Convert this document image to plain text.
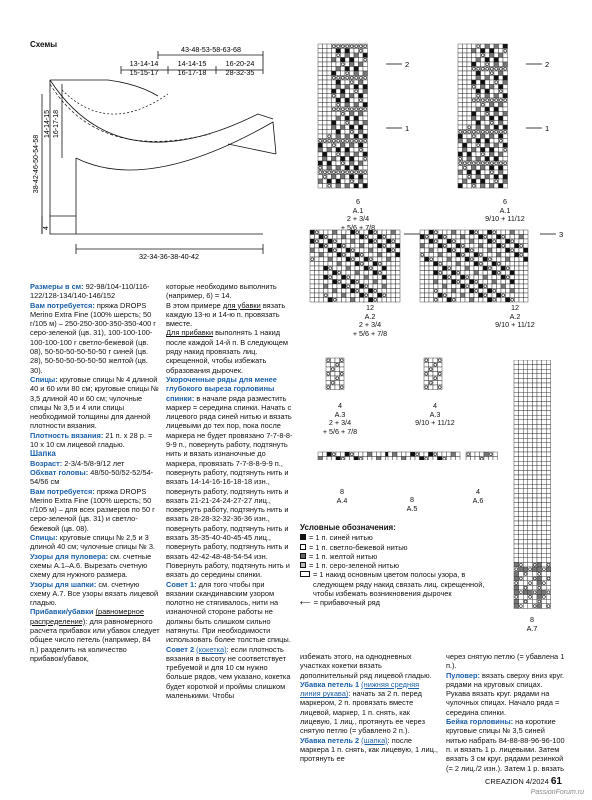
Схемы
43-48-53-58-63-68
13-14-14
15-15-17
14-14-15
16-17-18
16-20-24
28-32-35
14-14-15 16-17-18
38-42-46-50-54-58
4
32-34-36-38-40-42
2
1
2
1
3
6
A.1
2 + 3/4
+ 5/6 + 7/8
6
A.1
9/10 + 11/12
12
A.2
2 + 3/4
+ 5/6 + 7/8
12
A.2
9/10 + 11/12
4
A.3
2 + 3/4
+ 5/6 + 7/8
4
A.3
9/10 + 11/12
8
A.4	8
A.5
4
A.6
8
A.7
Условные обозначения:
= 1 п. синей нитью
= 1 п. светло-бежевой нитью
= 1 п. желтой нитью
= 1 п. серо-зеленой нитью
= 1 накид основным цветом полосы узора, в следующем ряду накид связать лиц. скрещенной, чтобы избежать возникновения дырочек
⟵ = прибавочный ряд

Размеры в см: 92-98/104-110/116-122/128-134/140-146/152

Вам потребуется: пряжа DROPS Merino Extra Fine (100% шерсть; 50 г/105 м) – 250-250-300-350-350-400 г серо-зеленой (цв. 31), 100-100-100-100-100-100 г светло-бежевой (цв. 08), 50-50-50-50-50-50 г синей (цв. 28), 50-50-50-50-50-50 желтой (цв. 30).

Спицы: круговые спицы № 4 длиной 40 и 60 или 80 см; круговые спицы № 3,5 длиной 40 и 60 см; чулочные спицы № 3,5 и 4 или спицы необходимой толщины для данной плотности вязания.

Плотность вязания: 21 п. х 28 р. = 10 х 10 см лицевой гладью.

Шапка

Возраст: 2-3/4-5/8-9/12 лет

Обхват головы: 48/50-50/52-52/54-54/56 см

Вам потребуется: пряжа DROPS Merino Extra Fine (100% шерсть; 50 г/105 м) – для всех размеров по 50 г серо-зеленой (цв. 31) и светло-бежевой (цв. 08).

Спицы: круговые спицы № 2,5 и 3 длиной 40 см; чулочные спицы № 3.

Узоры для пуловера: см. счетные схемы A.1–A.6. Вырезать счетную схему для нужного размера.

Узоры для шапки: см. счетную схему A.7. Все узоры вязать лицевой гладью.

Прибавки/убавки (равномерное распределение): для равномерного расчета прибавок или убавок следует общее число петель (например, 84 п.) разделить на количество прибавок/убавок,

которые необходимо выполнить (например, 6) = 14.

В этом примере для убавки вязать

каждую 13-ю и 14-ю п. провязать вместе.

Для прибавки выполнять 1 накид после каждой 14-й п. В следующем ряду накид провязать лиц. скрещенной, чтобы избежать образования дырочек.

Укороченные ряды для менее глубокого выреза горловины спинки: в начале ряда разместить маркер = середина спинки. Начать с лицевого ряда синей нитью и вязать лицевыми до тех пор, пока после маркера не будет провязано 7-7-8-8-9-9 п., повернуть работу, подтянуть нить и вязать изнаночные до маркера, провязать 7-7-8-8-9-9 п., повернуть работу, подтянуть нить и вязать 14-14-16-16-18-18 изн., повернуть работу, подтянуть нить и вязать 21-21-24-24-27-27 лиц., повернуть работу, подтянуть нить и вязать 28-28-32-32-36-36 изн., повернуть работу, подтянуть нить и вязать 35-35-40-40-45-45 лиц., повернуть работу, подтянуть нить и вязать 42-42-48-48-54-54 изн. Повернуть работу, подтянуть нить и вязать до середины спинки.

Совет 1: для того чтобы при вязании скандинавским узором полотно не стягивалось, нити на изнаночной стороне работы не должны быть слишком сильно натянуты. При необходимости использовать более толстые спицы.

Совет 2 (кокетка): если плотность вязания в высоту не соответствует требуемой и для 10 см нужно больше рядов, чем указано, кокетка будет короткой и проймы слишком маленькими. Чтобы

избежать этого, на однодневных участках кокетки вязать дополнительный ряд лицевой гладью.

Убавка петель 1 (нижняя средняя линия рукава): начать за 2 п. перед маркером, 2 п. провязать вместе лицевой, маркер, 1 п. снять, как лицевую, 1 лиц., протянуть ее через снятую петлю (= убавлено 2 п.).

Убавка петель 2 (шапка): после маркера 1 п. снять, как лицевую, 1 лиц., протянуть ее

через снятую петлю (= убавлена 1 п.).

Пуловер: вязать сверху вниз круг. рядами на круговых спицах.

Рукава вязать круг. рядами на чулочных спицах. Начало ряда = середина спинки.

Бейка горловины: на короткие круговые спицы № 3,5 синей нитью набрать 84-88-88-96-96-100 п. и вязать 1 р. лицевыми. Затем вязать 3 см круг. рядами резинкой (= 2 лиц./2 изн.). Затем 1 р. вязать

CREAZION 4/2024 61
PassionForum.ru
